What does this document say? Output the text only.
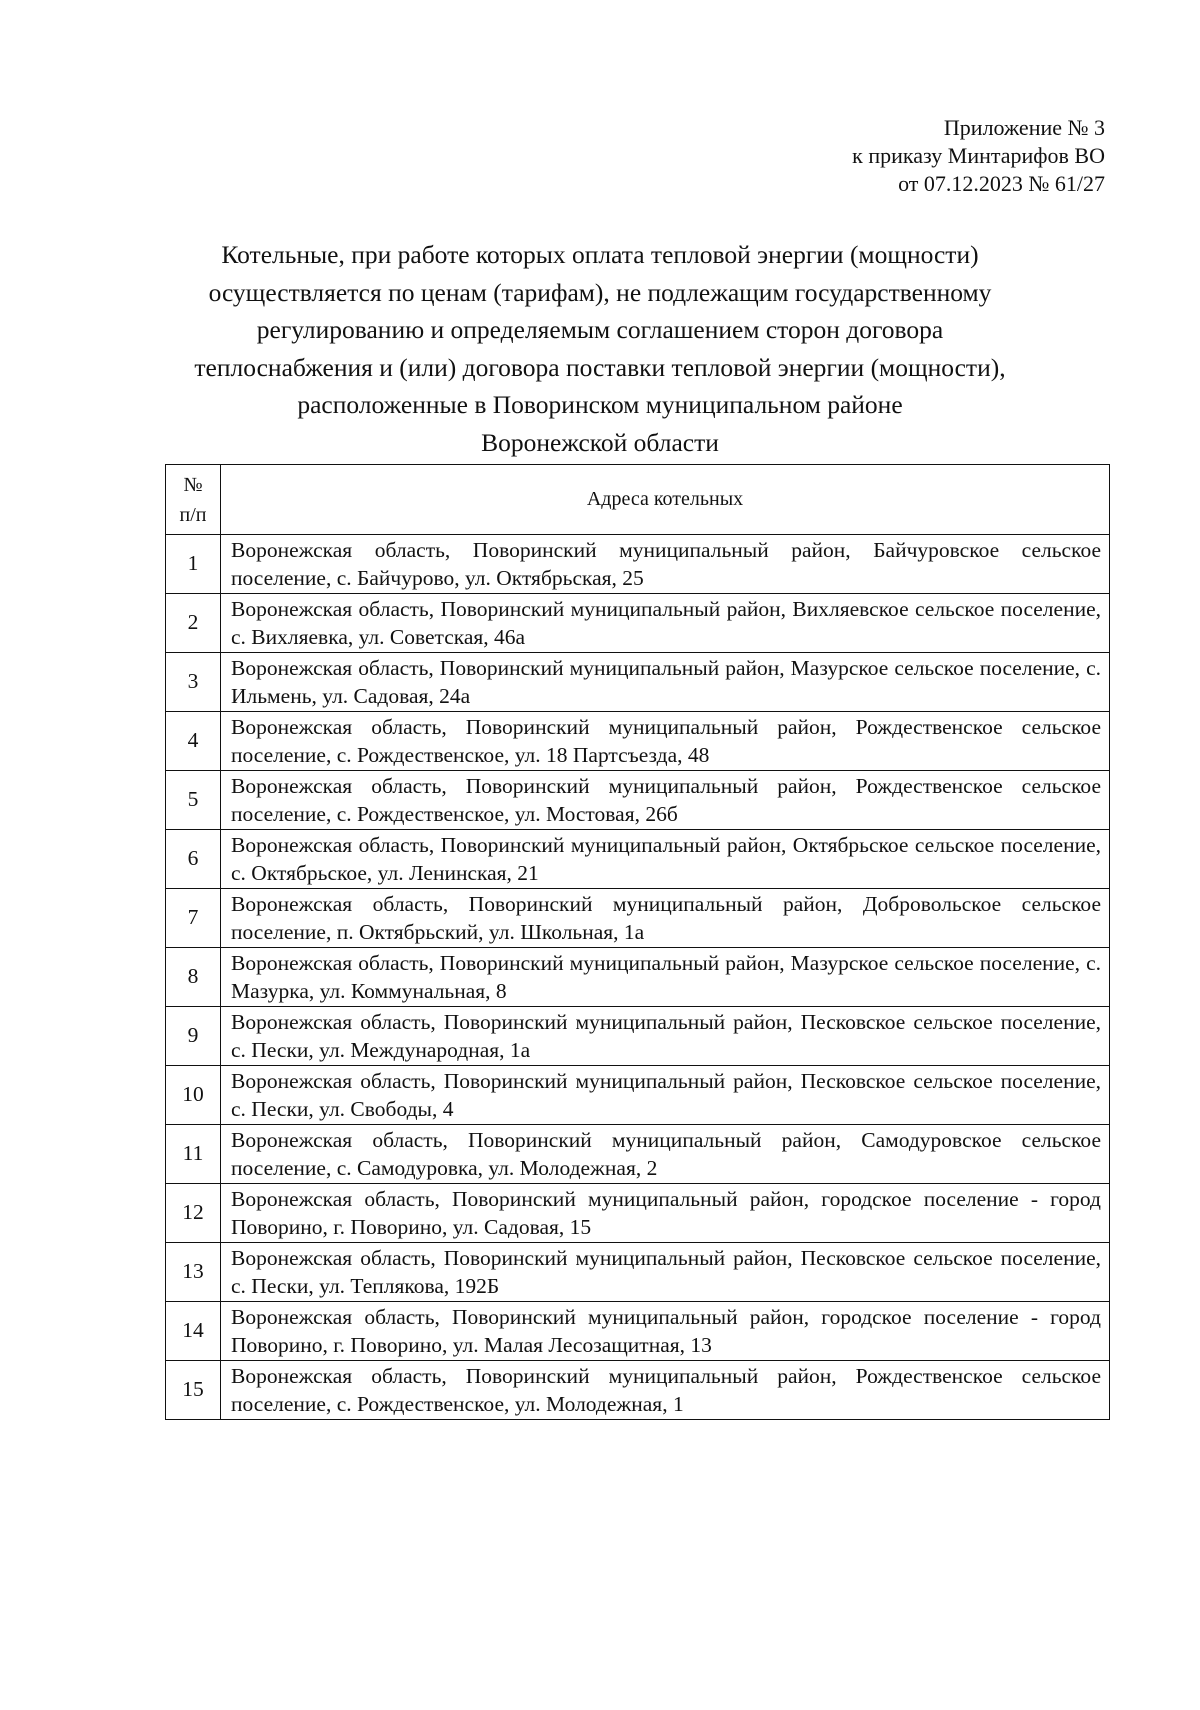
Приложение № 3
к приказу Минтарифов ВО
от 07.12.2023 № 61/27
Котельные, при работе которых оплата тепловой энергии (мощности)
осуществляется по ценам (тарифам), не подлежащим государственному
регулированию и определяемым соглашением сторон договора
теплоснабжения и (или) договора поставки тепловой энергии (мощности),
расположенные в Поворинском муниципальном районе
Воронежской области
№
п/п	Адреса котельных
1	Воронежская область, Поворинский муниципальный район, Байчуровское сельское поселение, с. Байчурово, ул. Октябрьская, 25
2	Воронежская область, Поворинский муниципальный район, Вихляевское сельское поселение, с. Вихляевка, ул. Советская, 46а
3	Воронежская область, Поворинский муниципальный район, Мазурское сельское поселение, с. Ильмень, ул. Садовая, 24а
4	Воронежская область, Поворинский муниципальный район, Рождественское сельское поселение, с. Рождественское, ул. 18 Партсъезда, 48
5	Воронежская область, Поворинский муниципальный район, Рождественское сельское поселение, с. Рождественское, ул. Мостовая, 26б
6	Воронежская область, Поворинский муниципальный район, Октябрьское сельское поселение, с. Октябрьское, ул. Ленинская, 21
7	Воронежская область, Поворинский муниципальный район, Добровольское сельское поселение, п. Октябрьский, ул. Школьная, 1а
8	Воронежская область, Поворинский муниципальный район, Мазурское сельское поселение, с. Мазурка, ул. Коммунальная, 8
9	Воронежская область, Поворинский муниципальный район, Песковское сельское поселение, с. Пески, ул. Международная, 1а
10	Воронежская область, Поворинский муниципальный район, Песковское сельское поселение, с. Пески, ул. Свободы, 4
11	Воронежская область, Поворинский муниципальный район, Самодуровское сельское поселение, с. Самодуровка, ул. Молодежная, 2
12	Воронежская область, Поворинский муниципальный район, городское поселение - город Поворино, г. Поворино, ул. Садовая, 15
13	Воронежская область, Поворинский муниципальный район, Песковское сельское поселение, с. Пески, ул. Теплякова, 192Б
14	Воронежская область, Поворинский муниципальный район, городское поселение - город Поворино, г. Поворино, ул. Малая Лесозащитная, 13
15	Воронежская область, Поворинский муниципальный район, Рождественское сельское поселение, с. Рождественское, ул. Молодежная, 1
